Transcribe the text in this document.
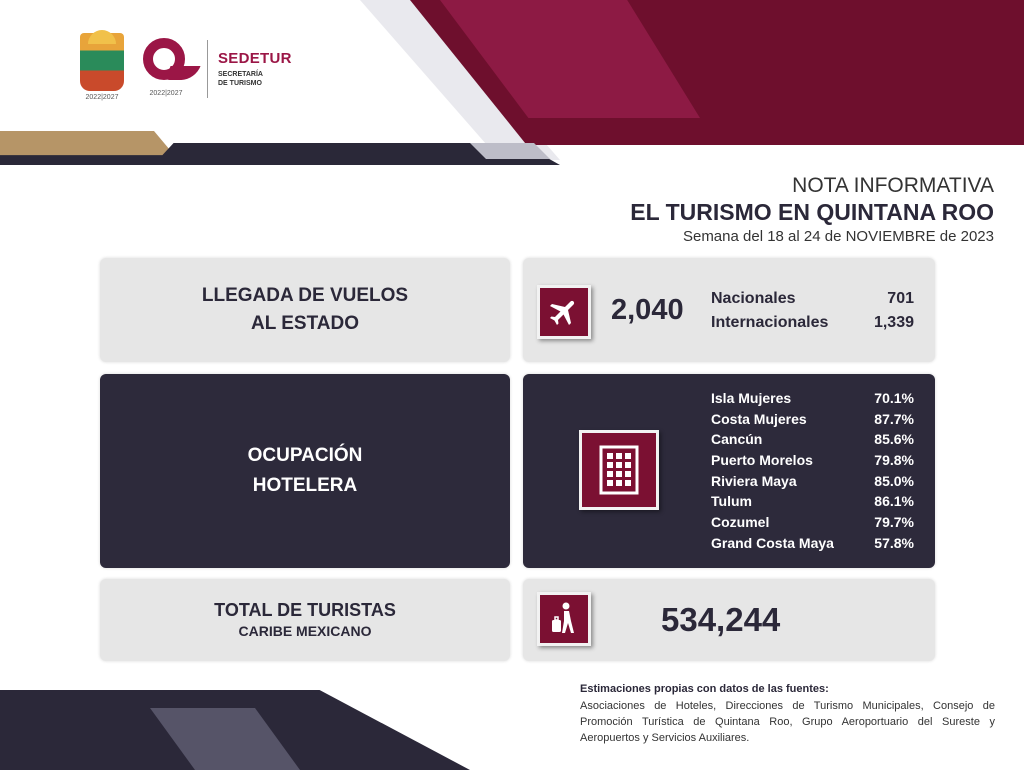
2022|2027
2022|2027
SEDETUR
SECRETARÍA
DE TURISMO
NOTA INFORMATIVA
EL TURISMO EN QUINTANA ROO
Semana del 18 al 24 de NOVIEMBRE de 2023
LLEGADA DE VUELOS
AL ESTADO	2,040 Nacionales	701
Internacionales	1,339
OCUPACIÓN
HOTELERA
Isla Mujeres	70.1%
Costa Mujeres	87.7%
Cancún	85.6%
Puerto Morelos	79.8%
Riviera Maya	85.0%
Tulum	86.1%
Cozumel	79.7%
Grand Costa Maya	57.8%
TOTAL DE TURISTAS
CARIBE MEXICANO	534,244
Estimaciones propias con datos de las fuentes:
Asociaciones de Hoteles, Direcciones de Turismo Municipales, Consejo de Promoción Turística de Quintana Roo, Grupo Aeroportuario del Sureste y Aeropuertos y Servicios Auxiliares.
